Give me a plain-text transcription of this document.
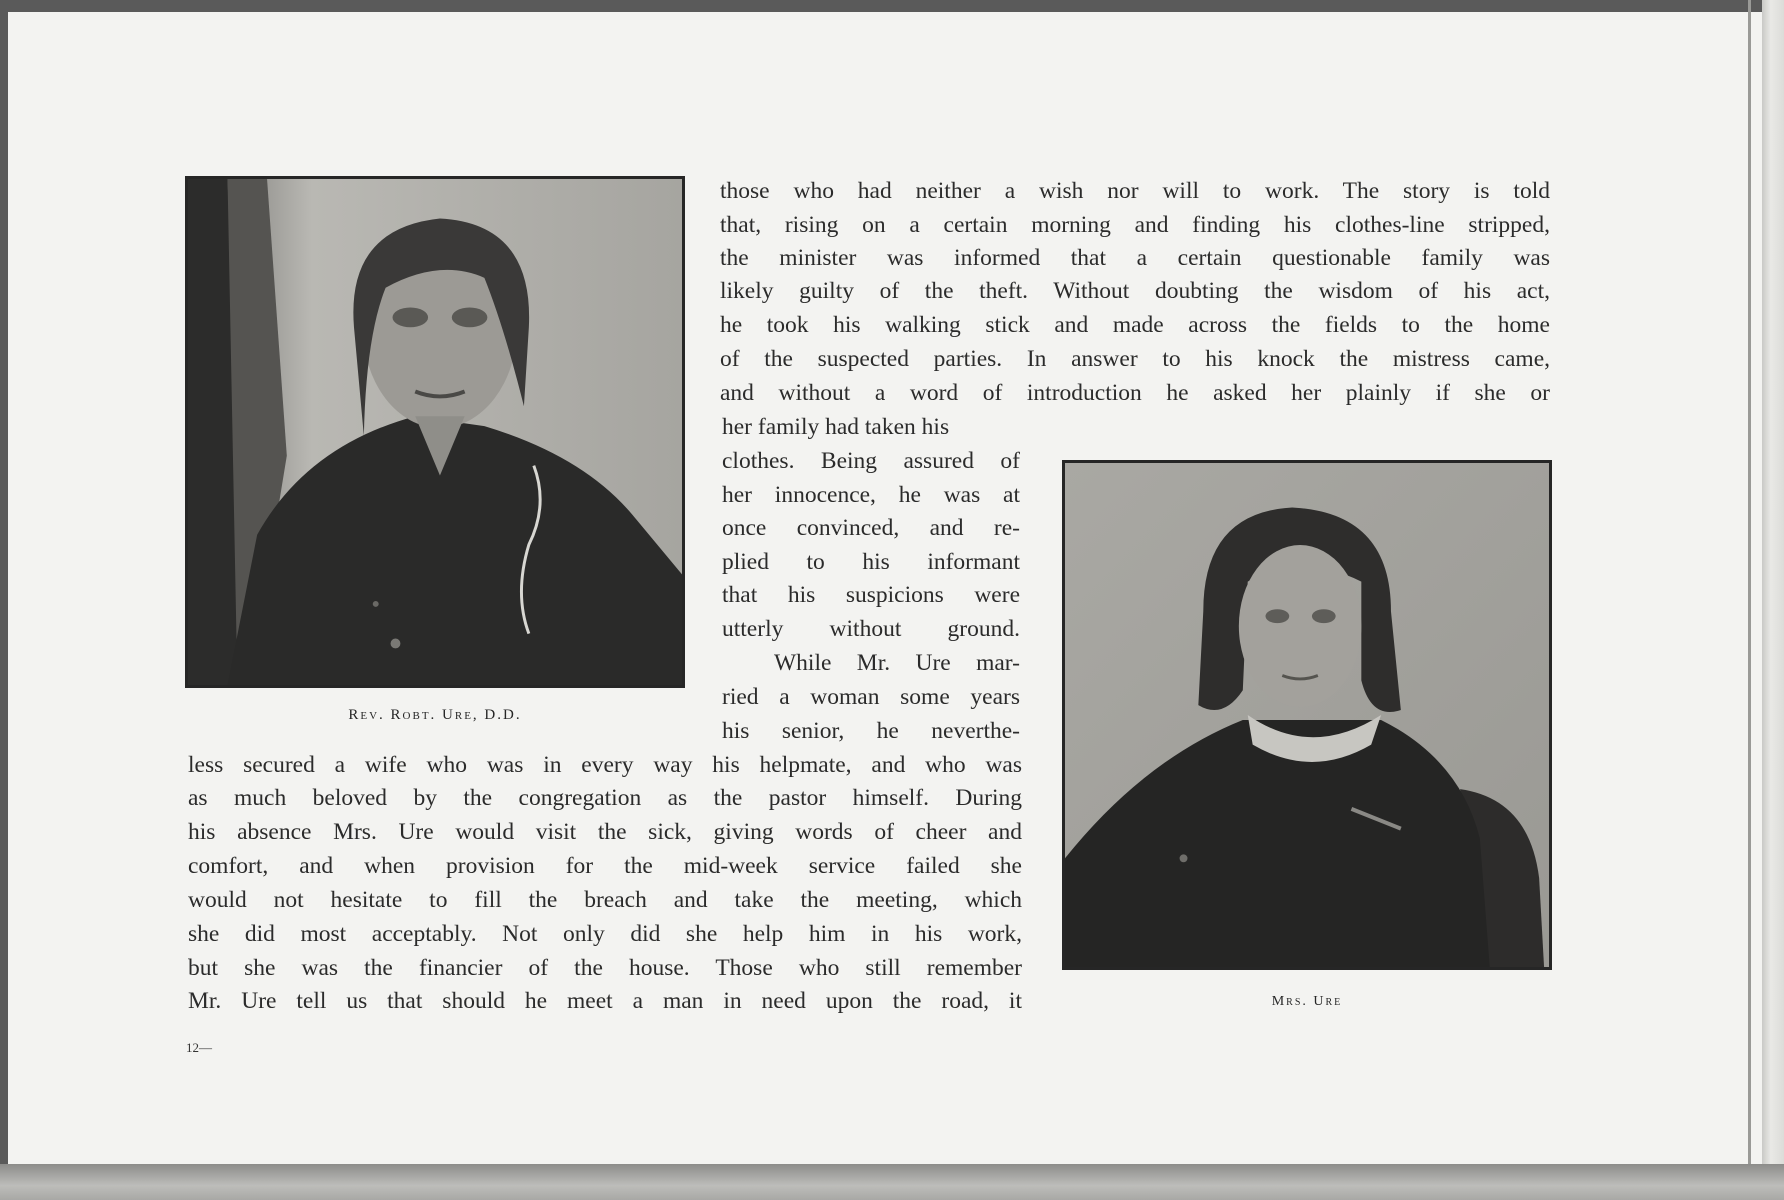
Rev. Robt. Ure, D.D.
Mrs. Ure
those who had neither a wish nor will to work. The story is told
that, rising on a certain morning and finding his clothes-line stripped,
the minister was informed that a certain questionable family was
likely guilty of the theft. Without doubting the wisdom of his act,
he took his walking stick and made across the fields to the home
of the suspected parties. In answer to his knock the mistress came,
and without a word of introduction he asked her plainly if she or
her family had taken his
clothes. Being assured of
her innocence, he was at
once convinced, and re-
plied to his informant
that his suspicions were
utterly without ground.
While Mr. Ure mar-
ried a woman some years
his senior, he neverthe-
less secured a wife who was in every way his helpmate, and who was
as much beloved by the congregation as the pastor himself. During
his absence Mrs. Ure would visit the sick, giving words of cheer and
comfort, and when provision for the mid-week service failed she
would not hesitate to fill the breach and take the meeting, which
she did most acceptably. Not only did she help him in his work,
but she was the financier of the house. Those who still remember
Mr. Ure tell us that should he meet a man in need upon the road, it
12—
